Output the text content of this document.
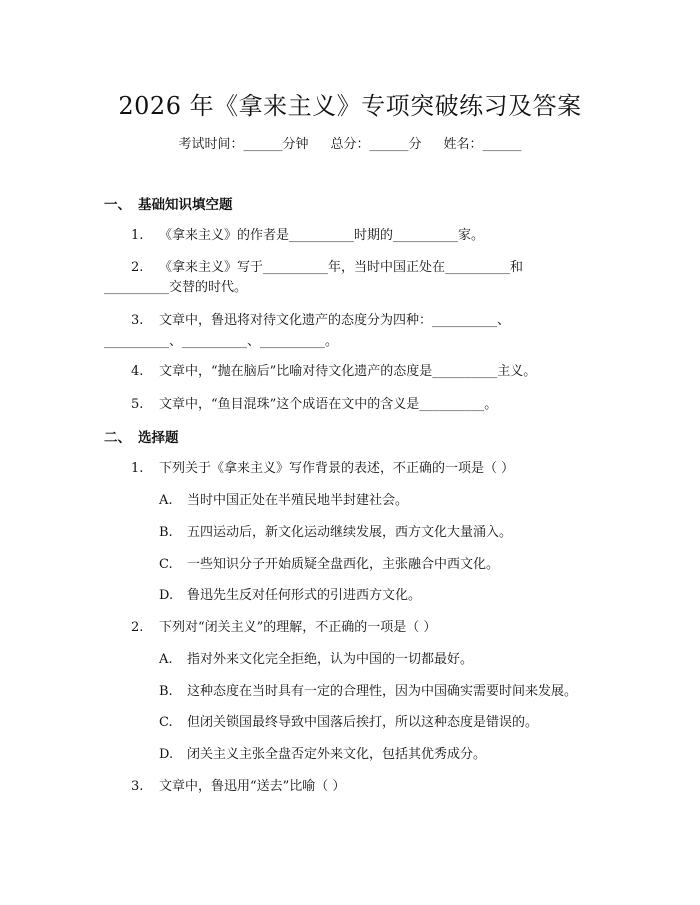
2026 年《拿来主义》专项突破练习及答案
考试时间：______分钟 总分：______分 姓名：______
一、 基础知识填空题
1. 《拿来主义》的作者是__________时期的__________家。
2. 《拿来主义》写于__________年，当时中国正处在__________和
__________交替的时代。
3. 文章中，鲁迅将对待文化遗产的态度分为四种：__________、
__________、__________、__________。
4. 文章中，“抛在脑后”比喻对待文化遗产的态度是__________主义。
5. 文章中，“鱼目混珠”这个成语在文中的含义是__________。
二、 选择题
1. 下列关于《拿来主义》写作背景的表述，不正确的一项是（ ）
A. 当时中国正处在半殖民地半封建社会。
B. 五四运动后，新文化运动继续发展，西方文化大量涌入。
C. 一些知识分子开始质疑全盘西化，主张融合中西文化。
D. 鲁迅先生反对任何形式的引进西方文化。
2. 下列对“闭关主义”的理解，不正确的一项是（ ）
A. 指对外来文化完全拒绝，认为中国的一切都最好。
B. 这种态度在当时具有一定的合理性，因为中国确实需要时间来发展。
C. 但闭关锁国最终导致中国落后挨打，所以这种态度是错误的。
D. 闭关主义主张全盘否定外来文化，包括其优秀成分。
3. 文章中，鲁迅用“送去”比喻（ ）
